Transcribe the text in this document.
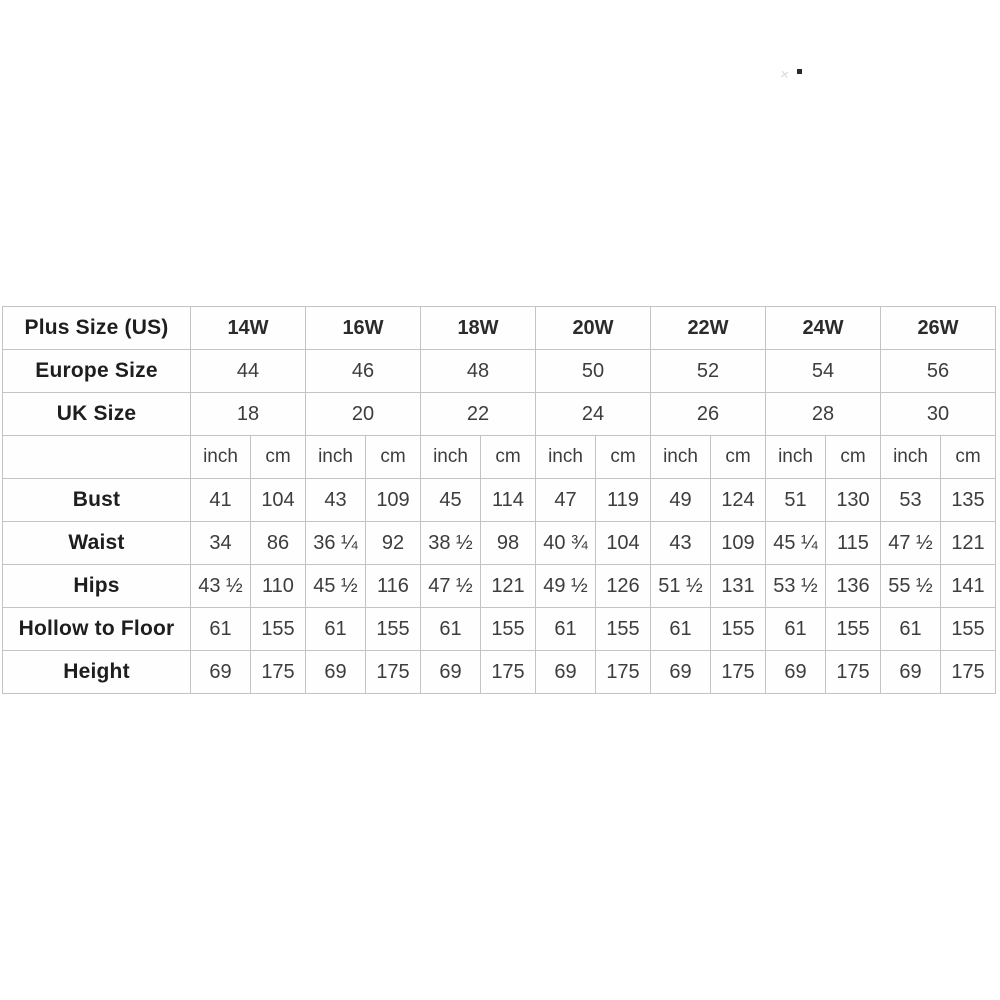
×
Plus Size (US)	14W		16W		18W		20W		22W		24W		26W	
Europe Size	44		46		48		50		52		54		56	
UK Size	18		20		22		24		26		28		30	
	inch	cm	inch	cm	inch	cm	inch	cm	inch	cm	inch	cm	inch	cm
Bust	41	104	43	109	45	114	47	119	49	124	51	130	53	135
Waist	34	86	36 ¼	92	38 ½	98	40 ¾	104	43	109	45 ¼	115	47 ½	121
Hips	43 ½	110	45 ½	116	47 ½	121	49 ½	126	51 ½	131	53 ½	136	55 ½	141
Hollow to Floor	61	155	61	155	61	155	61	155	61	155	61	155	61	155
Height	69	175	69	175	69	175	69	175	69	175	69	175	69	175
